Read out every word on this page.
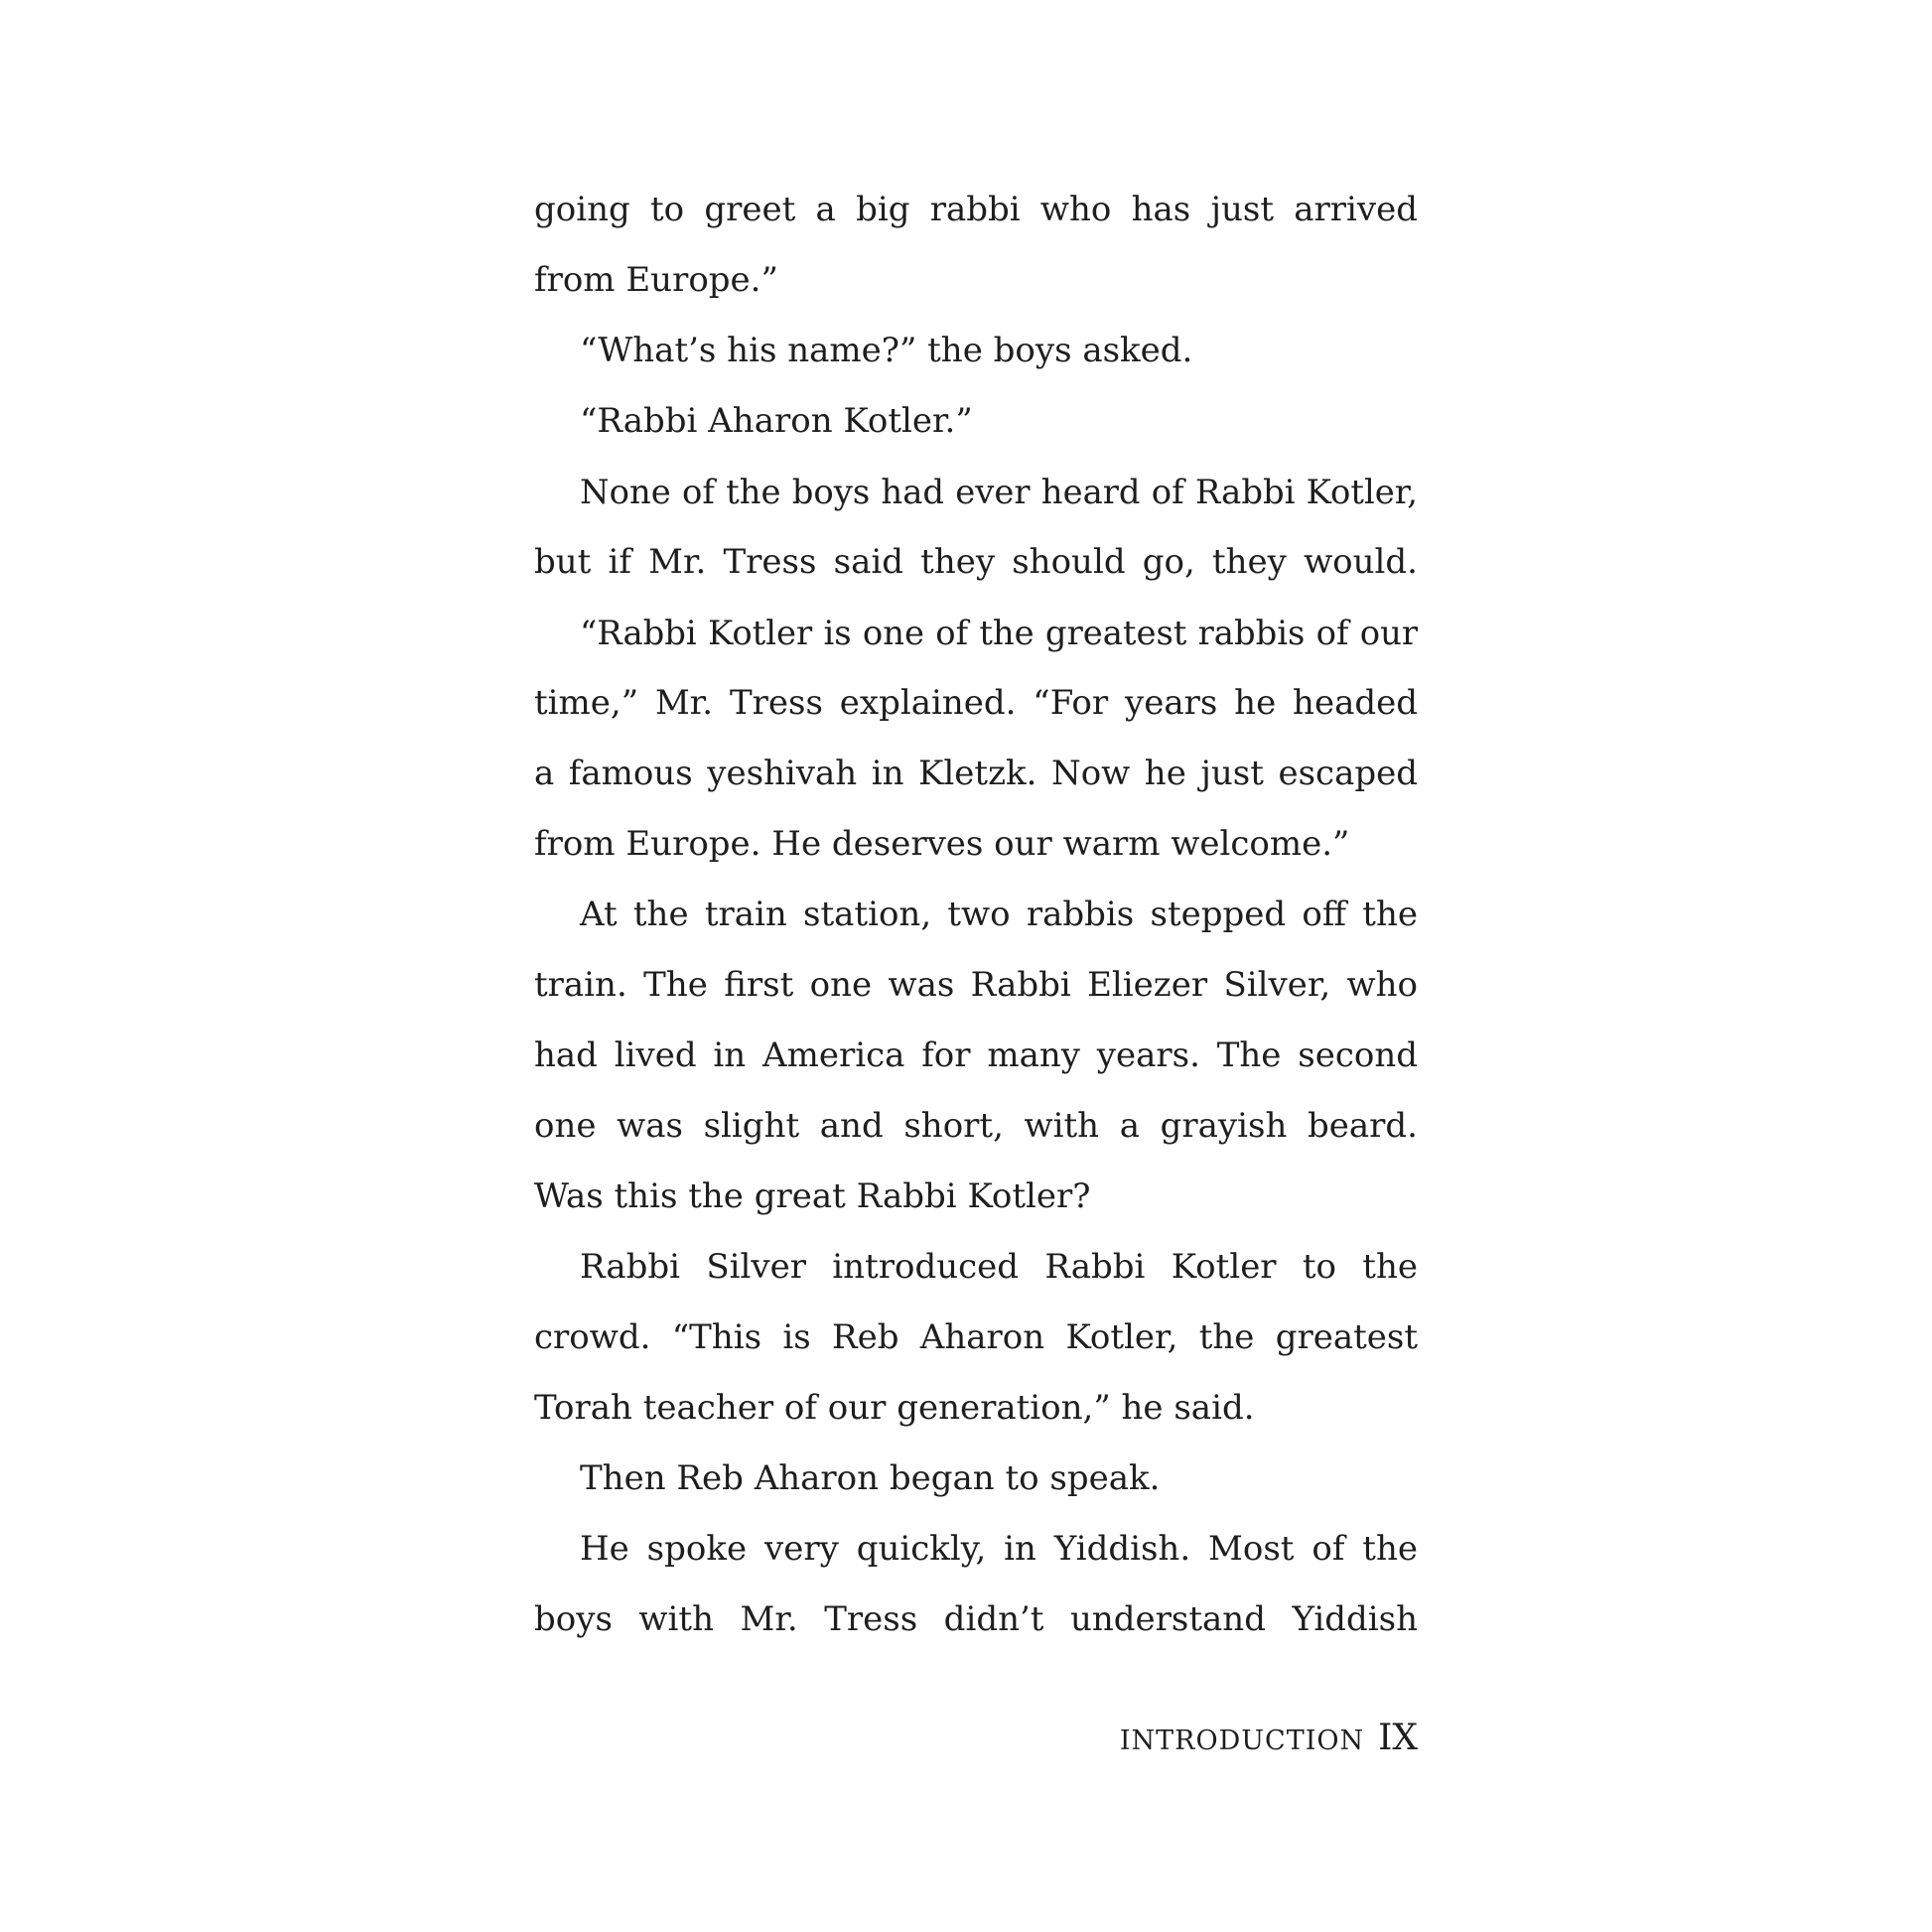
going to greet a big rabbi who has just arrived
from Europe.”
“What’s his name?” the boys asked.
“Rabbi Aharon Kotler.”
None of the boys had ever heard of Rabbi Kotler,
but if Mr. Tress said they should go, they would.
“Rabbi Kotler is one of the greatest rabbis of our
time,” Mr. Tress explained. “For years he headed
a famous yeshivah in Kletzk. Now he just escaped
from Europe. He deserves our warm welcome.”
At the train station, two rabbis stepped off the
train. The first one was Rabbi Eliezer Silver, who
had lived in America for many years. The second
one was slight and short, with a grayish beard.
Was this the great Rabbi Kotler?
Rabbi Silver introduced Rabbi Kotler to the
crowd. “This is Reb Aharon Kotler, the greatest
Torah teacher of our generation,” he said.
Then Reb Aharon began to speak.
He spoke very quickly, in Yiddish. Most of the
boys with Mr. Tress didn’t understand Yiddish
INTRODUCTION IX
